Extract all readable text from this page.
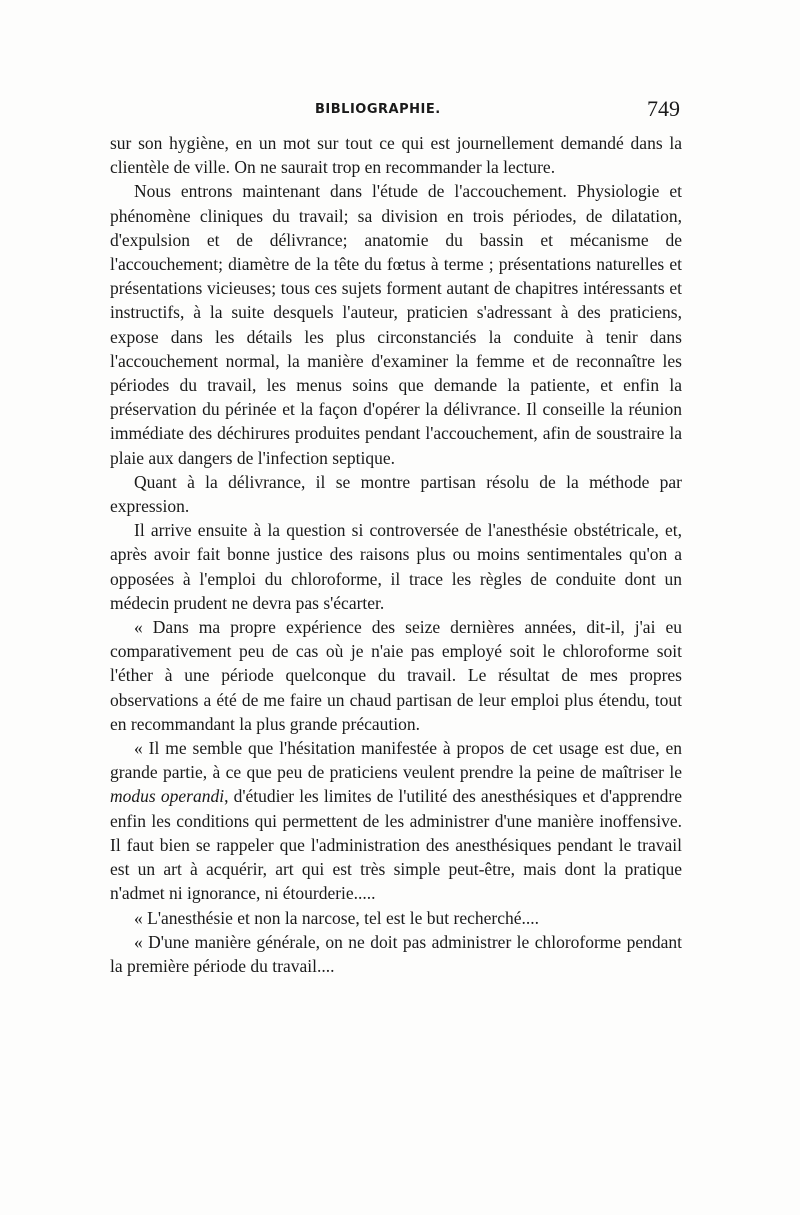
BIBLIOGRAPHIE.	749

sur son hygiène, en un mot sur tout ce qui est journellement demandé dans la clientèle de ville. On ne saurait trop en recommander la lecture.

Nous entrons maintenant dans l'étude de l'accouchement. Physiologie et phénomène cliniques du travail; sa division en trois périodes, de dilatation, d'expulsion et de délivrance; anatomie du bassin et mécanisme de l'accouchement; diamètre de la tête du fœtus à terme ; présentations naturelles et présentations vicieuses; tous ces sujets forment autant de chapitres intéressants et instructifs, à la suite desquels l'auteur, praticien s'adressant à des praticiens, expose dans les détails les plus circonstanciés la conduite à tenir dans l'accouchement normal, la manière d'examiner la femme et de reconnaître les périodes du travail, les menus soins que demande la patiente, et enfin la préservation du périnée et la façon d'opérer la délivrance. Il conseille la réunion immédiate des déchirures produites pendant l'accouchement, afin de soustraire la plaie aux dangers de l'infection septique.

Quant à la délivrance, il se montre partisan résolu de la méthode par expression.

Il arrive ensuite à la question si controversée de l'anesthésie obstétricale, et, après avoir fait bonne justice des raisons plus ou moins sentimentales qu'on a opposées à l'emploi du chloroforme, il trace les règles de conduite dont un médecin prudent ne devra pas s'écarter.

« Dans ma propre expérience des seize dernières années, dit-il, j'ai eu comparativement peu de cas où je n'aie pas employé soit le chloroforme soit l'éther à une période quelconque du travail. Le résultat de mes propres observations a été de me faire un chaud partisan de leur emploi plus étendu, tout en recommandant la plus grande précaution.

« Il me semble que l'hésitation manifestée à propos de cet usage est due, en grande partie, à ce que peu de praticiens veulent prendre la peine de maîtriser le modus operandi, d'étudier les limites de l'utilité des anesthésiques et d'apprendre enfin les conditions qui permettent de les administrer d'une manière inoffensive. Il faut bien se rappeler que l'administration des anesthésiques pendant le travail est un art à acquérir, art qui est très simple peut-être, mais dont la pratique n'admet ni ignorance, ni étourderie.....

« L'anesthésie et non la narcose, tel est le but recherché....

« D'une manière générale, on ne doit pas administrer le chloroforme pendant la première période du travail....
